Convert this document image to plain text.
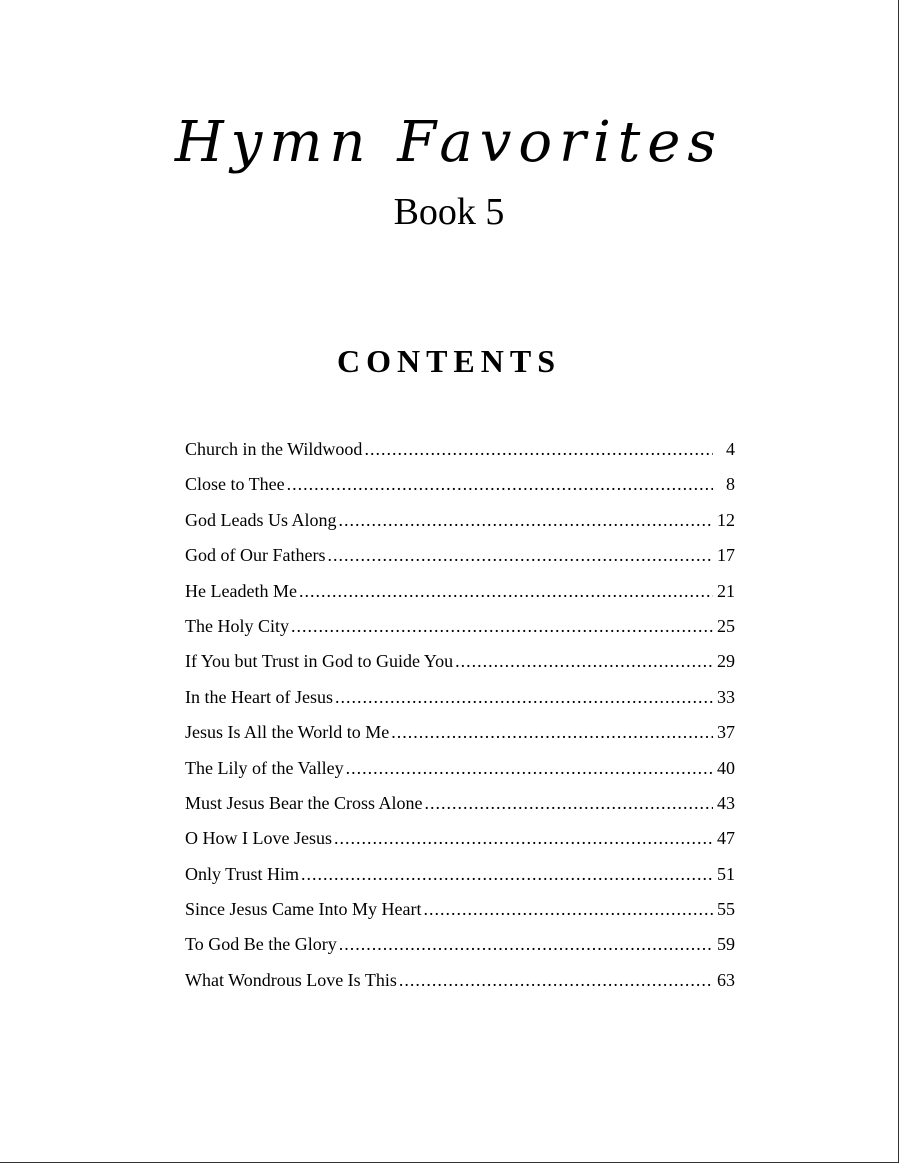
Hymn Favorites
Book 5
CONTENTS
Church in the Wildwood .....	4
Close to Thee .....	8
God Leads Us Along .....	12
God of Our Fathers .....	17
He Leadeth Me .....	21
The Holy City .....	25
If You but Trust in God to Guide You .....	29
In the Heart of Jesus .....	33
Jesus Is All the World to Me .....	37
The Lily of the Valley .....	40
Must Jesus Bear the Cross Alone .....	43
O How I Love Jesus .....	47
Only Trust Him .....	51
Since Jesus Came Into My Heart .....	55
To God Be the Glory .....	59
What Wondrous Love Is This .....	63
